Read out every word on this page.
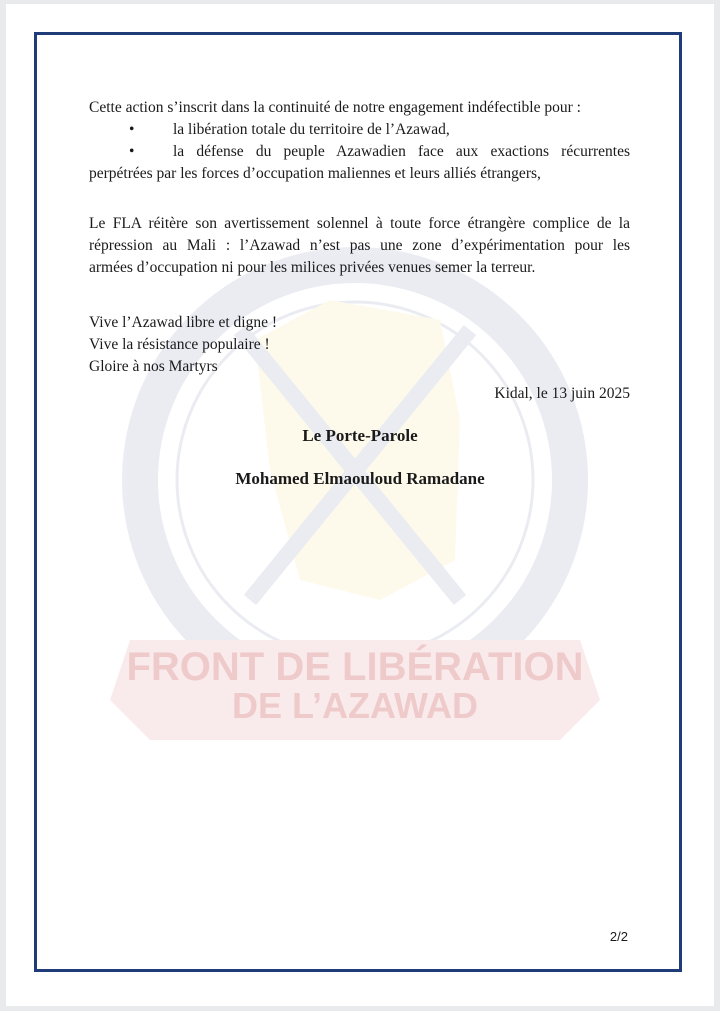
Cette action s’inscrit dans la continuité de notre engagement indéfectible pour :
•	la libération totale du territoire de l’Azawad,
•	la défense du peuple Azawadien face aux exactions récurrentes
perpétrées par les forces d’occupation maliennes et leurs alliés étrangers,
Le FLA réitère son avertissement solennel à toute force étrangère complice de la
répression au Mali : l’Azawad n’est pas une zone d’expérimentation pour les
armées d’occupation ni pour les milices privées venues semer la terreur.
Vive l’Azawad libre et digne !
Vive la résistance populaire !
Gloire à nos Martyrs
Kidal, le 13 juin 2025
Le Porte-Parole
Mohamed Elmaouloud Ramadane
2/2
